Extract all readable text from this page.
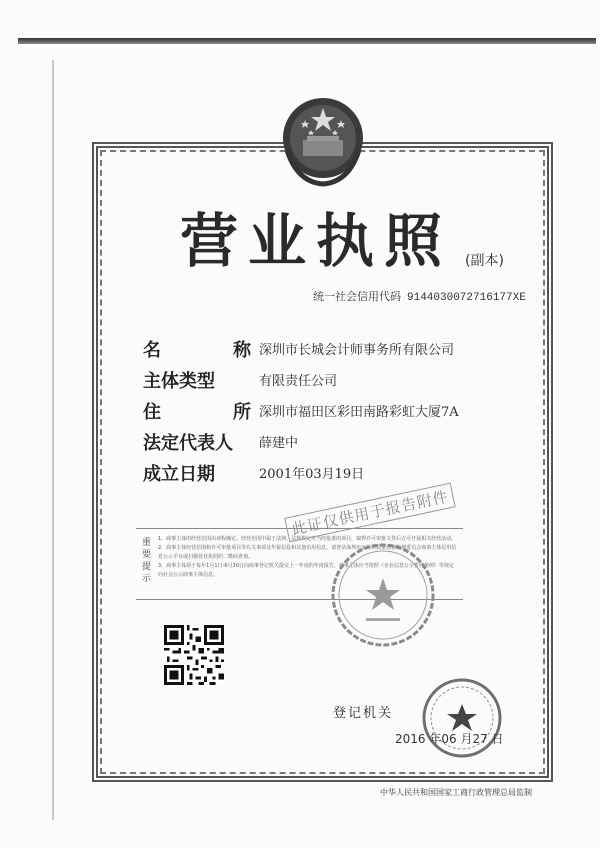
营业执照 (副本)
统一社会信用代码 91440300727161​77XE
名　　　　称 深圳市长城会计师事务所有限公司
主体类型	有限责任公司
住　　　　所 深圳市福田区彩田南路彩虹大厦7A
法定代表人	薛建中
成立日期	2001年03月19日
重要提示
1．商事主体的经营范围由章程确定。经营范围中属于法律、法规规定应当经批准的项目，取得许可审批文件后方可开展相关经营活动。
2．商事主体经营范围和许可审批项目等有关事项及年报信息和其他信用信息，请登录深圳市市场和质量监督管理委员会商事主体信用信息公示平台或扫描营业执照的二维码查询。
3．商事主体须于每年1月1日-6月30日向商事登记机关提交上一年度的年度报告。商事主体应当按照《企业信息公示暂行条例》等规定向社会公示商事主体信息。
此证仅供用于报告附件
登记机关
2016 年06 月27 日
中华人民共和国国家工商行政管理总局监制
